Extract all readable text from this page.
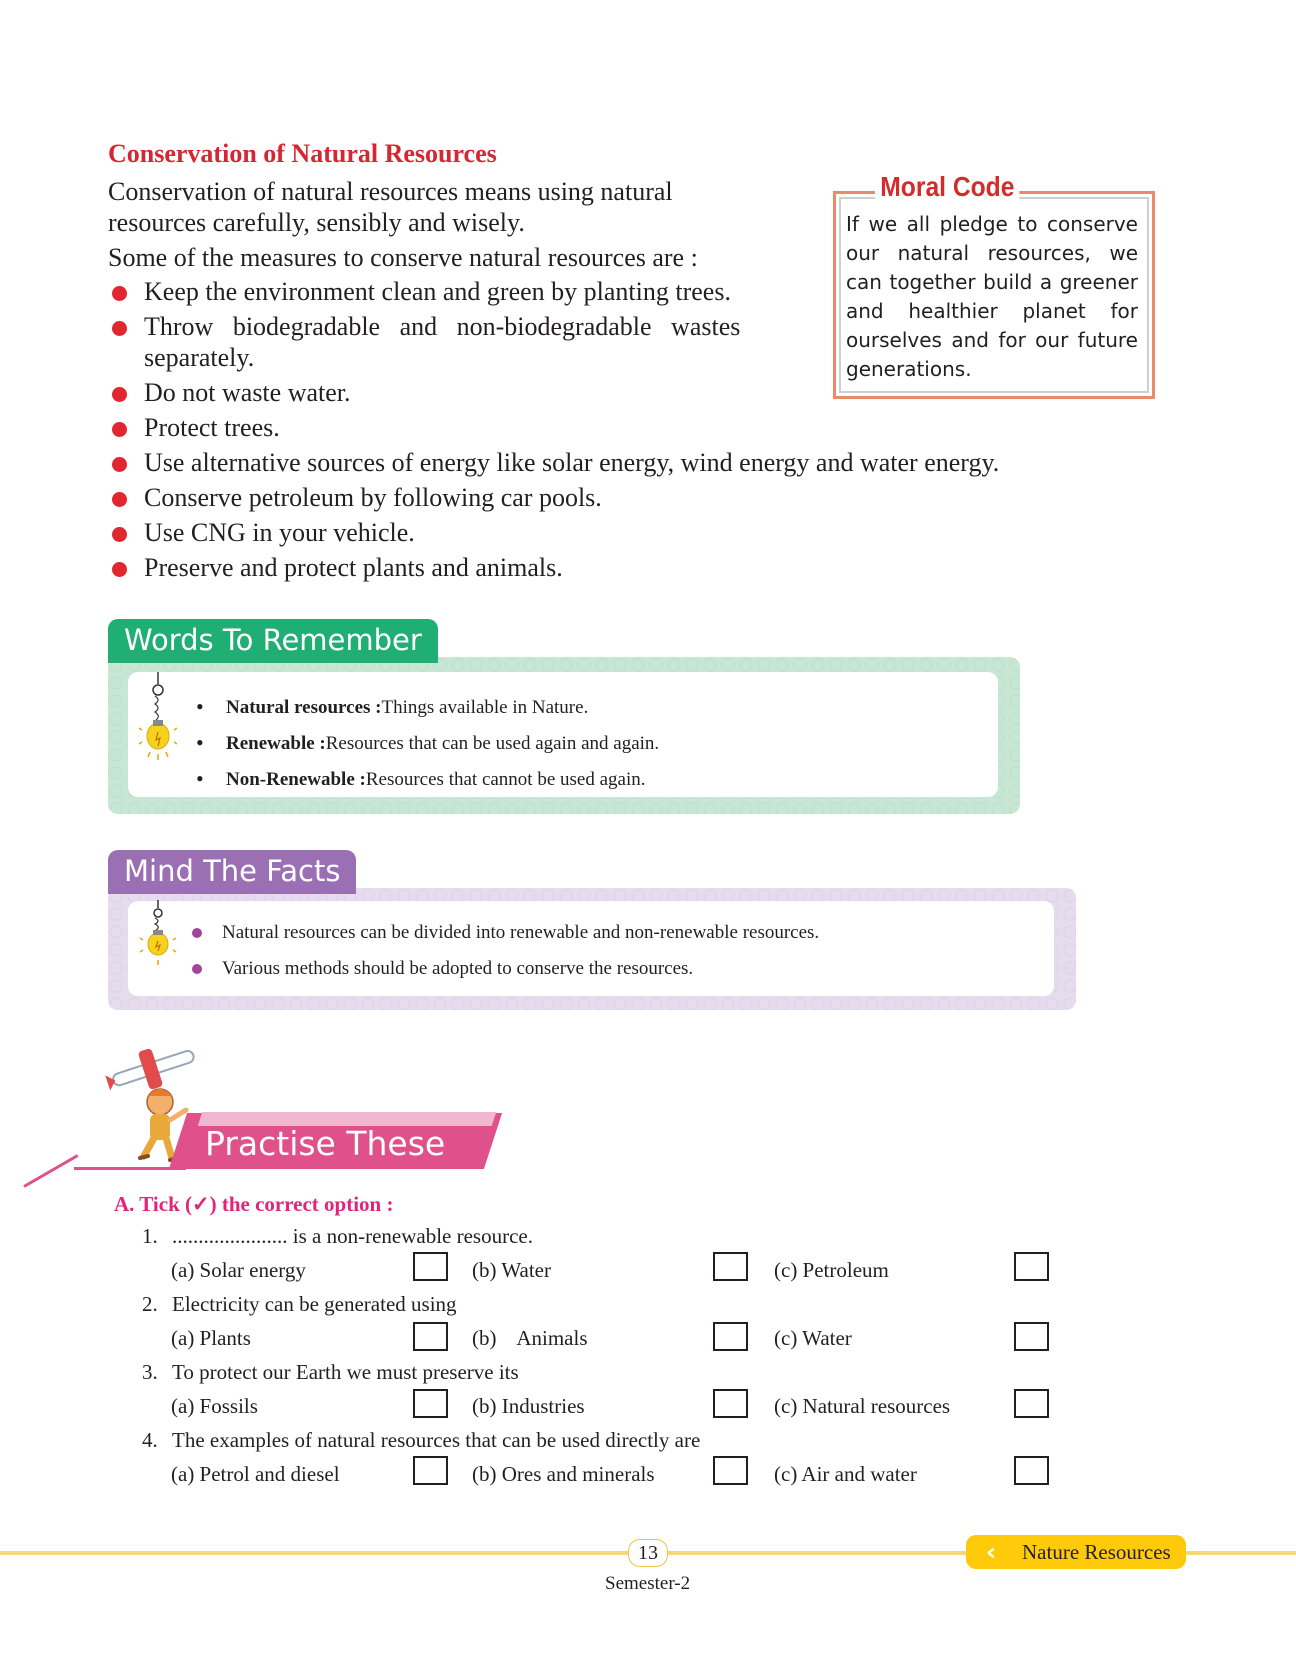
Conservation of Natural Resources
Conservation of natural resources means using natural
resources carefully, sensibly and wisely.
Some of the measures to conserve natural resources are :
Keep the environment clean and green by planting trees.
Throw biodegradable and non-biodegradable wastes
separately.
Do not waste water.
Protect trees.
Use alternative sources of energy like solar energy, wind energy and water energy.
Conserve petroleum by following car pools.
Use CNG in your vehicle.
Preserve and protect plants and animals.
Moral Code
If we all pledge to conserve our natural resources, we can together build a greener and healthier planet for ourselves and for our future generations.
Words To Remember
• Natural resources :Things available in Nature.
• Renewable :Resources that can be used again and again.
• Non-Renewable :Resources that cannot be used again.
Mind The Facts
Natural resources can be divided into renewable and non-renewable resources.
Various methods should be adopted to conserve the resources.
Practise These
A. Tick (✓) the correct option :
1. ...................... is a non-renewable resource.
(a) Solar energy	(b) Water	(c) Petroleum
2. Electricity can be generated using
(a) Plants	(b)    Animals	(c) Water
3. To protect our Earth we must preserve its
(a) Fossils	(b) Industries	(c) Natural resources
4. The examples of natural resources that can be used directly are
(a) Petrol and diesel	(b) Ores and minerals	(c) Air and water
13
Semester-2
Nature Resources
‹
